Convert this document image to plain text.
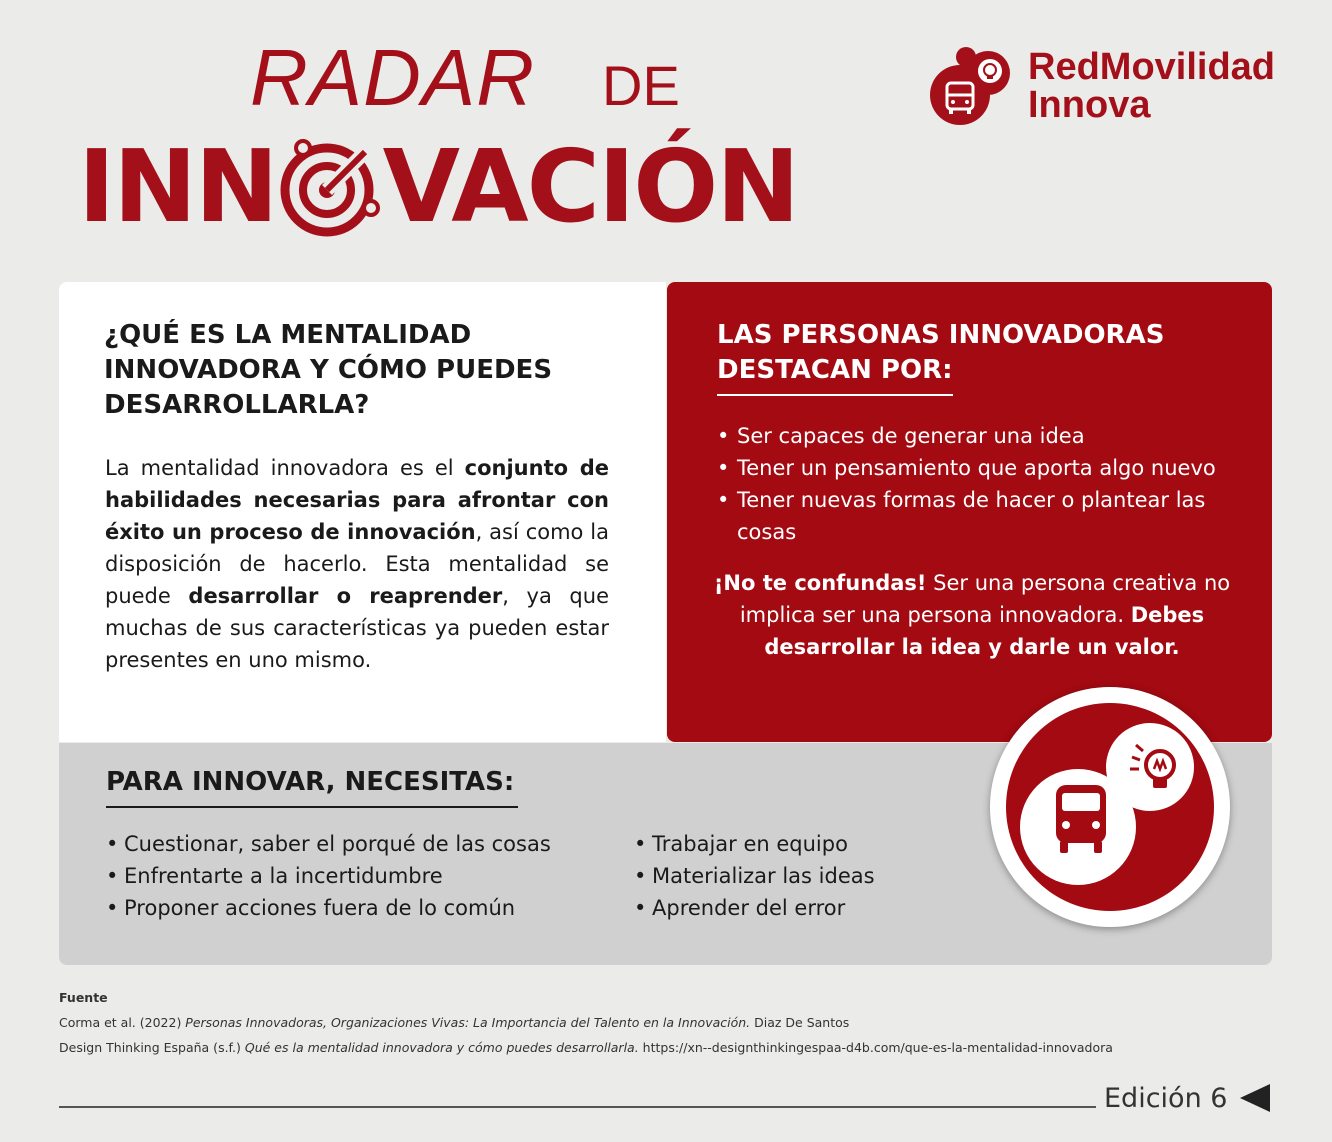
RADAR DE
INN VACIÓN
RedMovilidad
Innova
¿QUÉ ES LA MENTALIDAD INNOVADORA Y CÓMO PUEDES DESARROLLARLA?
La mentalidad innovadora es el conjunto de habilidades necesarias para afrontar con éxito un proceso de innovación, así como la disposición de hacerlo. Esta mentalidad se puede desarrollar o reaprender, ya que muchas de sus características ya pueden estar presentes en uno mismo.
LAS PERSONAS INNOVADORAS
DESTACAN POR:
• Ser capaces de generar una idea
• Tener un pensamiento que aporta algo nuevo
• Tener nuevas formas de hacer o plantear las cosas
¡No te confundas! Ser una persona creativa no implica ser una persona innovadora. Debes desarrollar la idea y darle un valor.
PARA INNOVAR, NECESITAS:
• Cuestionar, saber el porqué de las cosas
• Enfrentarte a la incertidumbre
• Proponer acciones fuera de lo común
• Trabajar en equipo
• Materializar las ideas
• Aprender del error
Fuente
Corma et al. (2022) Personas Innovadoras, Organizaciones Vivas: La Importancia del Talento en la Innovación. Diaz De Santos
Design Thinking España (s.f.) Qué es la mentalidad innovadora y cómo puedes desarrollarla. https://xn--designthinkingespaa-d4b.com/que-es-la-mentalidad-innovadora
Edición 6
